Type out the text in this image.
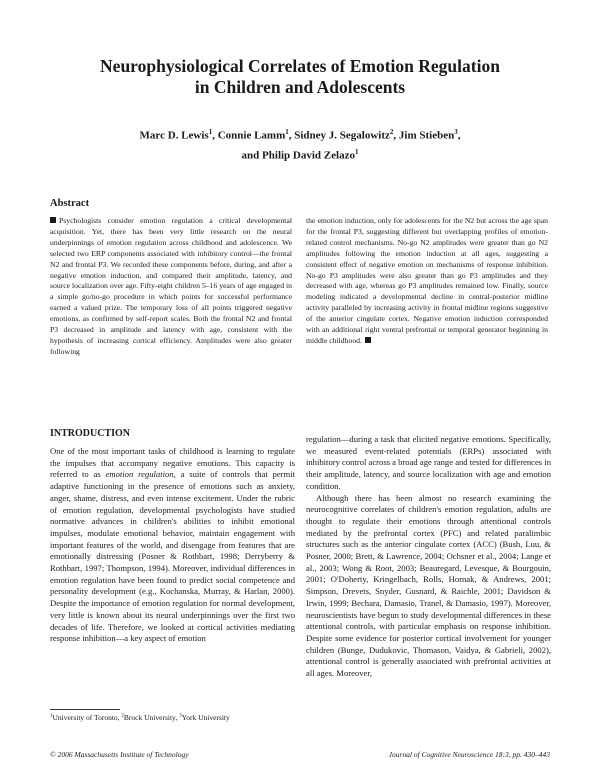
Neurophysiological Correlates of Emotion Regulation
in Children and Adolescents

Marc D. Lewis$^1$, Connie Lamm$^1$, Sidney J. Segalowitz$^2$, Jim Stieben$^3$,
and Philip David Zelazo$^1$

Abstract

Psychologists consider emotion regulation a critical developmental acquisition. Yet, there has been very little research on the neural underpinnings of emotion regulation across childhood and adolescence. We selected two ERP components associated with inhibitory control—the frontal N2 and frontal P3. We recorded these components before, during, and after a negative emotion induction, and compared their amplitude, latency, and source localization over age. Fifty-eight children 5–16 years of age engaged in a simple go/no-go procedure in which points for successful performance earned a valued prize. The temporary loss of all points triggered negative emotions, as confirmed by self-report scales. Both the frontal N2 and frontal P3 decreased in amplitude and latency with age, consistent with the hypothesis of increasing cortical efficiency. Amplitudes were also greater following

the emotion induction, only for adolescents for the N2 but across the age span for the frontal P3, suggesting different but overlapping profiles of emotion-related control mechanisms. No-go N2 amplitudes were greater than go N2 amplitudes following the emotion induction at all ages, suggesting a consistent effect of negative emotion on mechanisms of response inhibition. No-go P3 amplitudes were also greater than go P3 amplitudes and they decreased with age, whereas go P3 amplitudes remained low. Finally, source modeling indicated a developmental decline in central-posterior midline activity paralleled by increasing activity in frontal midline regions suggestive of the anterior cingulate cortex. Negative emotion induction corresponded with an additional right ventral prefrontal or temporal generator beginning in middle childhood.

INTRODUCTION

One of the most important tasks of childhood is learning to regulate the impulses that accompany negative emotions. This capacity is referred to as emotion regulation, a suite of controls that permit adaptive functioning in the presence of emotions such as anxiety, anger, shame, distress, and even intense excitement. Under the rubric of emotion regulation, developmental psychologists have studied normative advances in children's abilities to inhibit emotional impulses, modulate emotional behavior, maintain engagement with important features of the world, and disengage from features that are emotionally distressing (Posner & Rothbart, 1998; Derryberry & Rothbart, 1997; Thompson, 1994). Moreover, individual differences in emotion regulation have been found to predict social competence and personality development (e.g., Kochanska, Murray, & Harlan, 2000). Despite the importance of emotion regulation for normal development, very little is known about its neural underpinnings over the first two decades of life. Therefore, we looked at cortical activities mediating response inhibition—a key aspect of emotion

regulation—during a task that elicited negative emotions. Specifically, we measured event-related potentials (ERPs) associated with inhibitory control across a broad age range and tested for differences in their amplitude, latency, and source localization with age and emotion condition.

Although there has been almost no research examining the neurocognitive correlates of children's emotion regulation, adults are thought to regulate their emotions through attentional controls mediated by the prefrontal cortex (PFC) and related paralimbic structures such as the anterior cingulate cortex (ACC) (Bush, Luu, & Posner, 2000; Brett, & Lawrence, 2004; Ochsner et al., 2004; Lange et al., 2003; Wong & Root, 2003; Beauregard, Levesque, & Bourgouin, 2001; O'Doherty, Kringelbach, Rolls, Hornak, & Andrews, 2001; Simpson, Drevets, Snyder, Gusnard, & Raichle, 2001; Davidson & Irwin, 1999; Bechara, Damasio, Tranel, & Damasio, 1997). Moreover, neuroscientists have begun to study developmental differences in these attentional controls, with particular emphasis on response inhibition. Despite some evidence for posterior cortical involvement for younger children (Bunge, Dudukovic, Thomason, Vaidya, & Gabrieli, 2002), attentional control is generally associated with prefrontal activities at all ages. Moreover,

$^1$University of Toronto, $^2$Brock University, $^3$York University

© 2006 Massachusetts Institute of Technology	Journal of Cognitive Neuroscience 18:3, pp. 430–443
